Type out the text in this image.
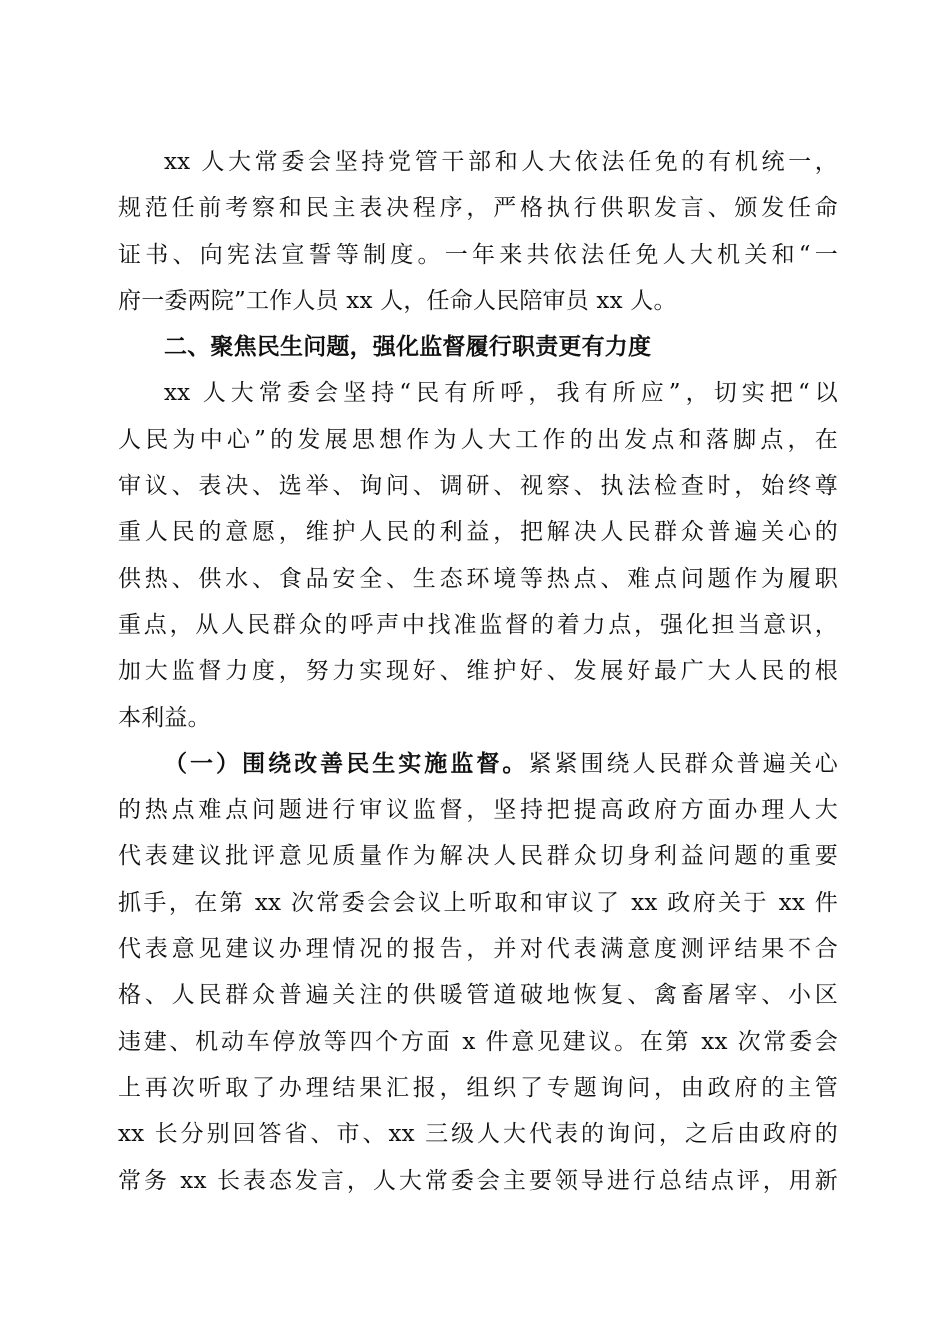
xx 人大常委会坚持党管干部和人大依法任免的有机统一，
规范任前考察和民主表决程序，严格执行供职发言、颁发任命
证书、向宪法宣誓等制度。一年来共依法任免人大机关和“一
府一委两院”工作人员 xx 人，任命人民陪审员 xx 人。
二、聚焦民生问题，强化监督履行职责更有力度
xx 人大常委会坚持“民有所呼，我有所应”，切实把“以
人民为中心”的发展思想作为人大工作的出发点和落脚点，在
审议、表决、选举、询问、调研、视察、执法检查时，始终尊
重人民的意愿，维护人民的利益，把解决人民群众普遍关心的
供热、供水、食品安全、生态环境等热点、难点问题作为履职
重点，从人民群众的呼声中找准监督的着力点，强化担当意识，
加大监督力度，努力实现好、维护好、发展好最广大人民的根
本利益。
（一）围绕改善民生实施监督。紧紧围绕人民群众普遍关心
的热点难点问题进行审议监督，坚持把提高政府方面办理人大
代表建议批评意见质量作为解决人民群众切身利益问题的重要
抓手，在第 xx 次常委会会议上听取和审议了 xx 政府关于 xx 件
代表意见建议办理情况的报告，并对代表满意度测评结果不合
格、人民群众普遍关注的供暖管道破地恢复、禽畜屠宰、小区
违建、机动车停放等四个方面 x 件意见建议。在第 xx 次常委会
上再次听取了办理结果汇报，组织了专题询问，由政府的主管
xx 长分别回答省、市、xx 三级人大代表的询问，之后由政府的
常务 xx 长表态发言，人大常委会主要领导进行总结点评，用新
